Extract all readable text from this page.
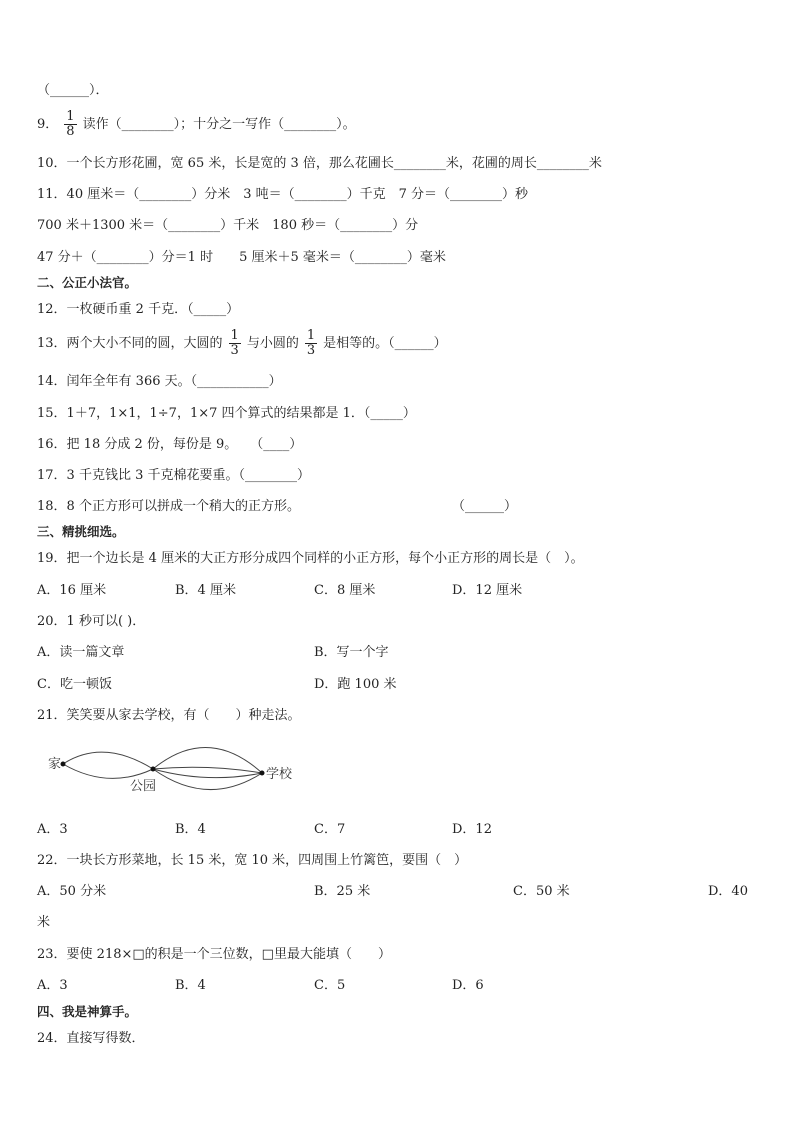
（______）．
9． $\frac{1}{8}$ 读作（________）；十分之一写作（________）。
10．一个长方形花圃，宽 65 米，长是宽的 3 倍，那么花圃长________米，花圃的周长________米
11．40 厘米＝（________）分米　3 吨＝（________）千克　7 分＝（________）秒
700 米＋1300 米＝（________）千米　180 秒＝（________）分
47 分＋（________）分＝1 时　　5 厘米＋5 毫米＝（________）毫米
二、公正小法官。
12．一枚硬币重 2 千克．（_____）
13．两个大小不同的圆，大圆的 $\frac{1}{3}$ 与小圆的 $\frac{1}{3}$ 是相等的。（______）
14．闰年全年有 366 天。（___________）
15．1＋7，1×1，1÷7，1×7 四个算式的结果都是 1．（_____）
16．把 18 分成 2 份，每份是 9。　　（____）
17．3 千克钱比 3 千克棉花要重。（________）
18．8 个正方形可以拼成一个稍大的正方形。	（______）
三、精挑细选。
19．把一个边长是 4 厘米的大正方形分成四个同样的小正方形，每个小正方形的周长是（　）。
A．16 厘米	B．4 厘米	C．8 厘米	D．12 厘米
20．1 秒可以( )．
A．读一篇文章	B．写一个字
C．吃一顿饭	D．跑 100 米
21．笑笑要从家去学校，有（　　）种走法。
家
公园
学校
A．3	B．4	C．7	D．12
22．一块长方形菜地，长 15 米，宽 10 米，四周围上竹篱笆，要围（　）
A．50 分米	B．25 米	C．50 米	D．40
米
23．要使 218×□的积是一个三位数，□里最大能填（　　）
A．3	B．4	C．5	D．6
四、我是神算手。
24．直接写得数．
